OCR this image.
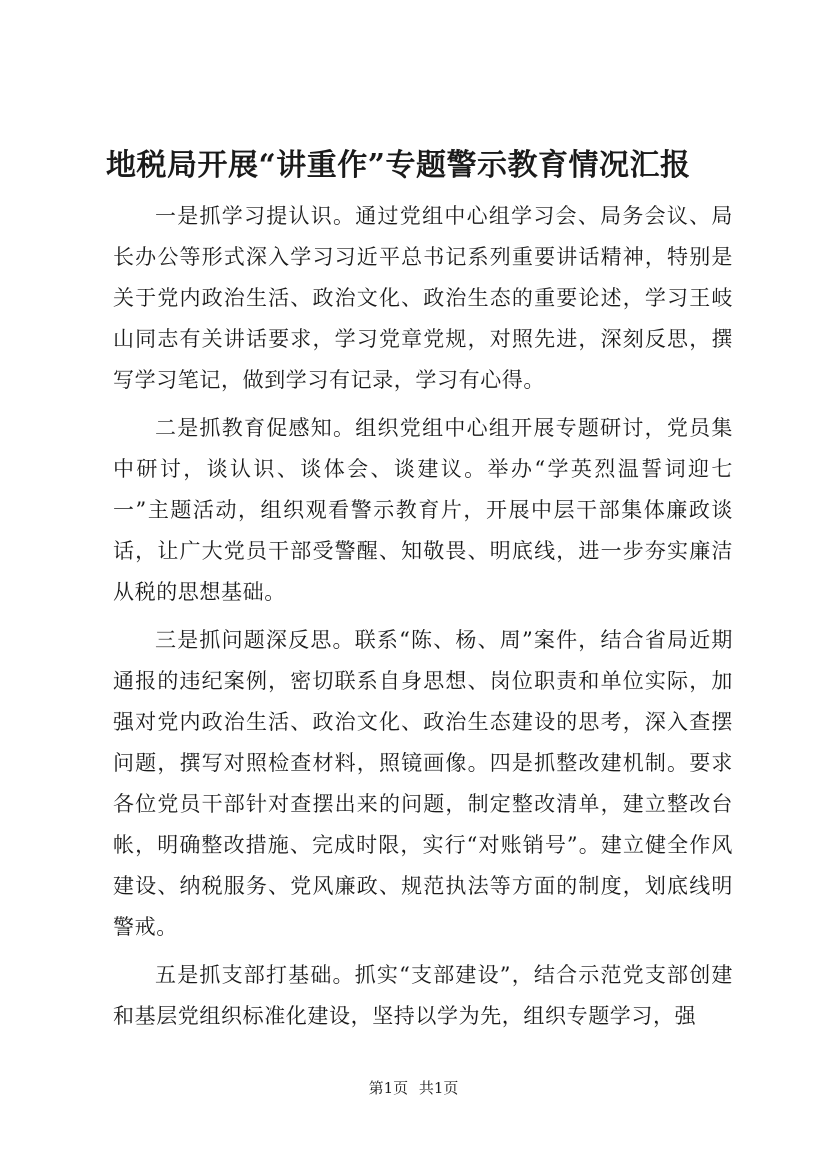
地税局开展“讲重作”专题警示教育情况汇报

一是抓学习提认识。通过党组中心组学习会、局务会议、局长办公等形式深入学习习近平总书记系列重要讲话精神，特别是关于党内政治生活、政治文化、政治生态的重要论述，学习王岐山同志有关讲话要求，学习党章党规，对照先进，深刻反思，撰写学习笔记，做到学习有记录，学习有心得。

二是抓教育促感知。组织党组中心组开展专题研讨，党员集中研讨，谈认识、谈体会、谈建议。举办“学英烈温誓词迎七一”主题活动，组织观看警示教育片，开展中层干部集体廉政谈话，让广大党员干部受警醒、知敬畏、明底线，进一步夯实廉洁从税的思想基础。

三是抓问题深反思。联系“陈、杨、周”案件，结合省局近期通报的违纪案例，密切联系自身思想、岗位职责和单位实际，加强对党内政治生活、政治文化、政治生态建设的思考，深入查摆问题，撰写对照检查材料，照镜画像。四是抓整改建机制。要求各位党员干部针对查摆出来的问题，制定整改清单，建立整改台帐，明确整改措施、完成时限，实行“对账销号”。建立健全作风建设、纳税服务、党风廉政、规范执法等方面的制度，划底线明警戒。

五是抓支部打基础。抓实“支部建设”，结合示范党支部创建和基层党组织标准化建设，坚持以学为先，组织专题学习，强

第1页 共1页
